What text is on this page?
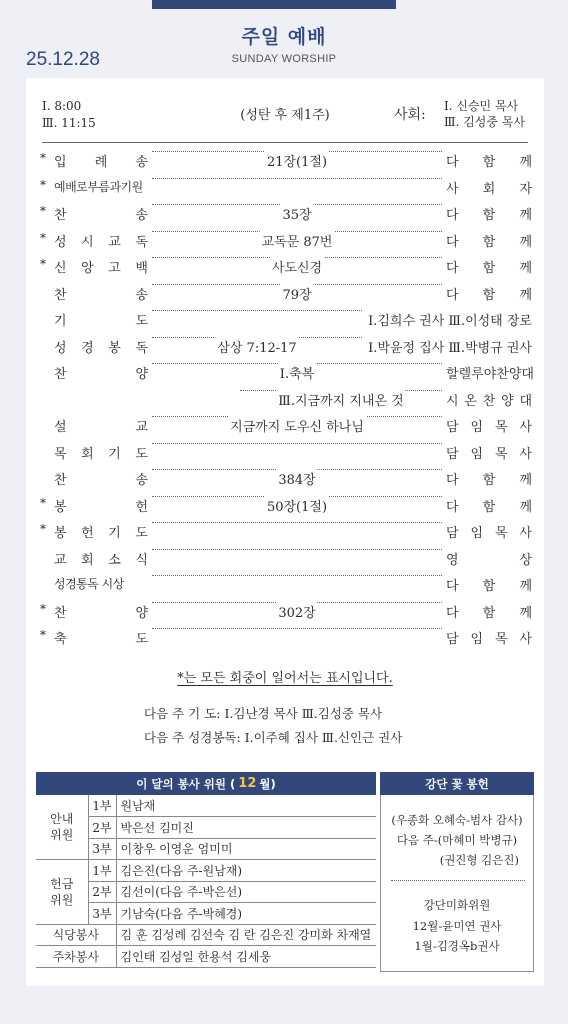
주일 예배
SUNDAY WORSHIP
25.12.28
Ⅰ. 8:00
Ⅲ. 11:15	(성탄 후 제1주)	사회:
Ⅰ. 신승민 목사
Ⅲ. 김성중 목사
* 입 례 송	21장(1절)	다 함 께
* 예배로부름과기원	사 회 자
* 찬	송	35장	다 함 께
* 성 시 교 독	교독문 87번	다 함 께
* 신 앙 고 백	사도신경	다 함 께
찬	송	79장	다 함 께
기	도	Ⅰ.김희수 권사 Ⅲ.이성태 장로
성 경 봉 독	삼상 7:12-17	Ⅰ.박윤정 집사 Ⅲ.박병규 권사
찬	양	Ⅰ.축복	할 렐 루 야 찬 양 대
Ⅲ.지금까지 지내온 것	시 온 찬 양 대
설	교	지금까지 도우신 하나님	담 임 목 사
목 회 기 도	담 임 목 사
찬	송	384장	다 함 께
* 봉	헌	50장(1절)	다 함 께
* 봉 헌 기 도	담 임 목 사
교 회 소 식	영	상
성경통독 시상	다 함 께
* 찬	양	302장	다 함 께
* 축	도	담 임 목 사
*는 모든 회중이 일어서는 표시입니다.
다음 주 기 도: Ⅰ.김난경 목사 Ⅲ.김성중 목사
다음 주 성경봉독: Ⅰ.이주혜 집사 Ⅲ.신인근 권사
이 달의 봉사 위원 ( 12 월)
안내
위원	1부	원남재
	2부	박은선 김미진
	3부	이창우 이영운 엄미미
헌금
위원	1부	김은진(다음 주-원남재)
	2부	김선이(다음 주-박은선)
	3부	기남숙(다음 주-박혜경)
식당봉사		김 훈 김성례 김선숙 김 란 김은진 강미화 차재열
주차봉사		김인태 김성일 한용석 김세웅
강단 꽃 봉헌
(우종화 오혜숙-범사 감사)
다음 주-(마혜미 박병규)
(권진형 김은진)
강단미화위원
12월-윤미연 권사
1월-김경옥b권사
